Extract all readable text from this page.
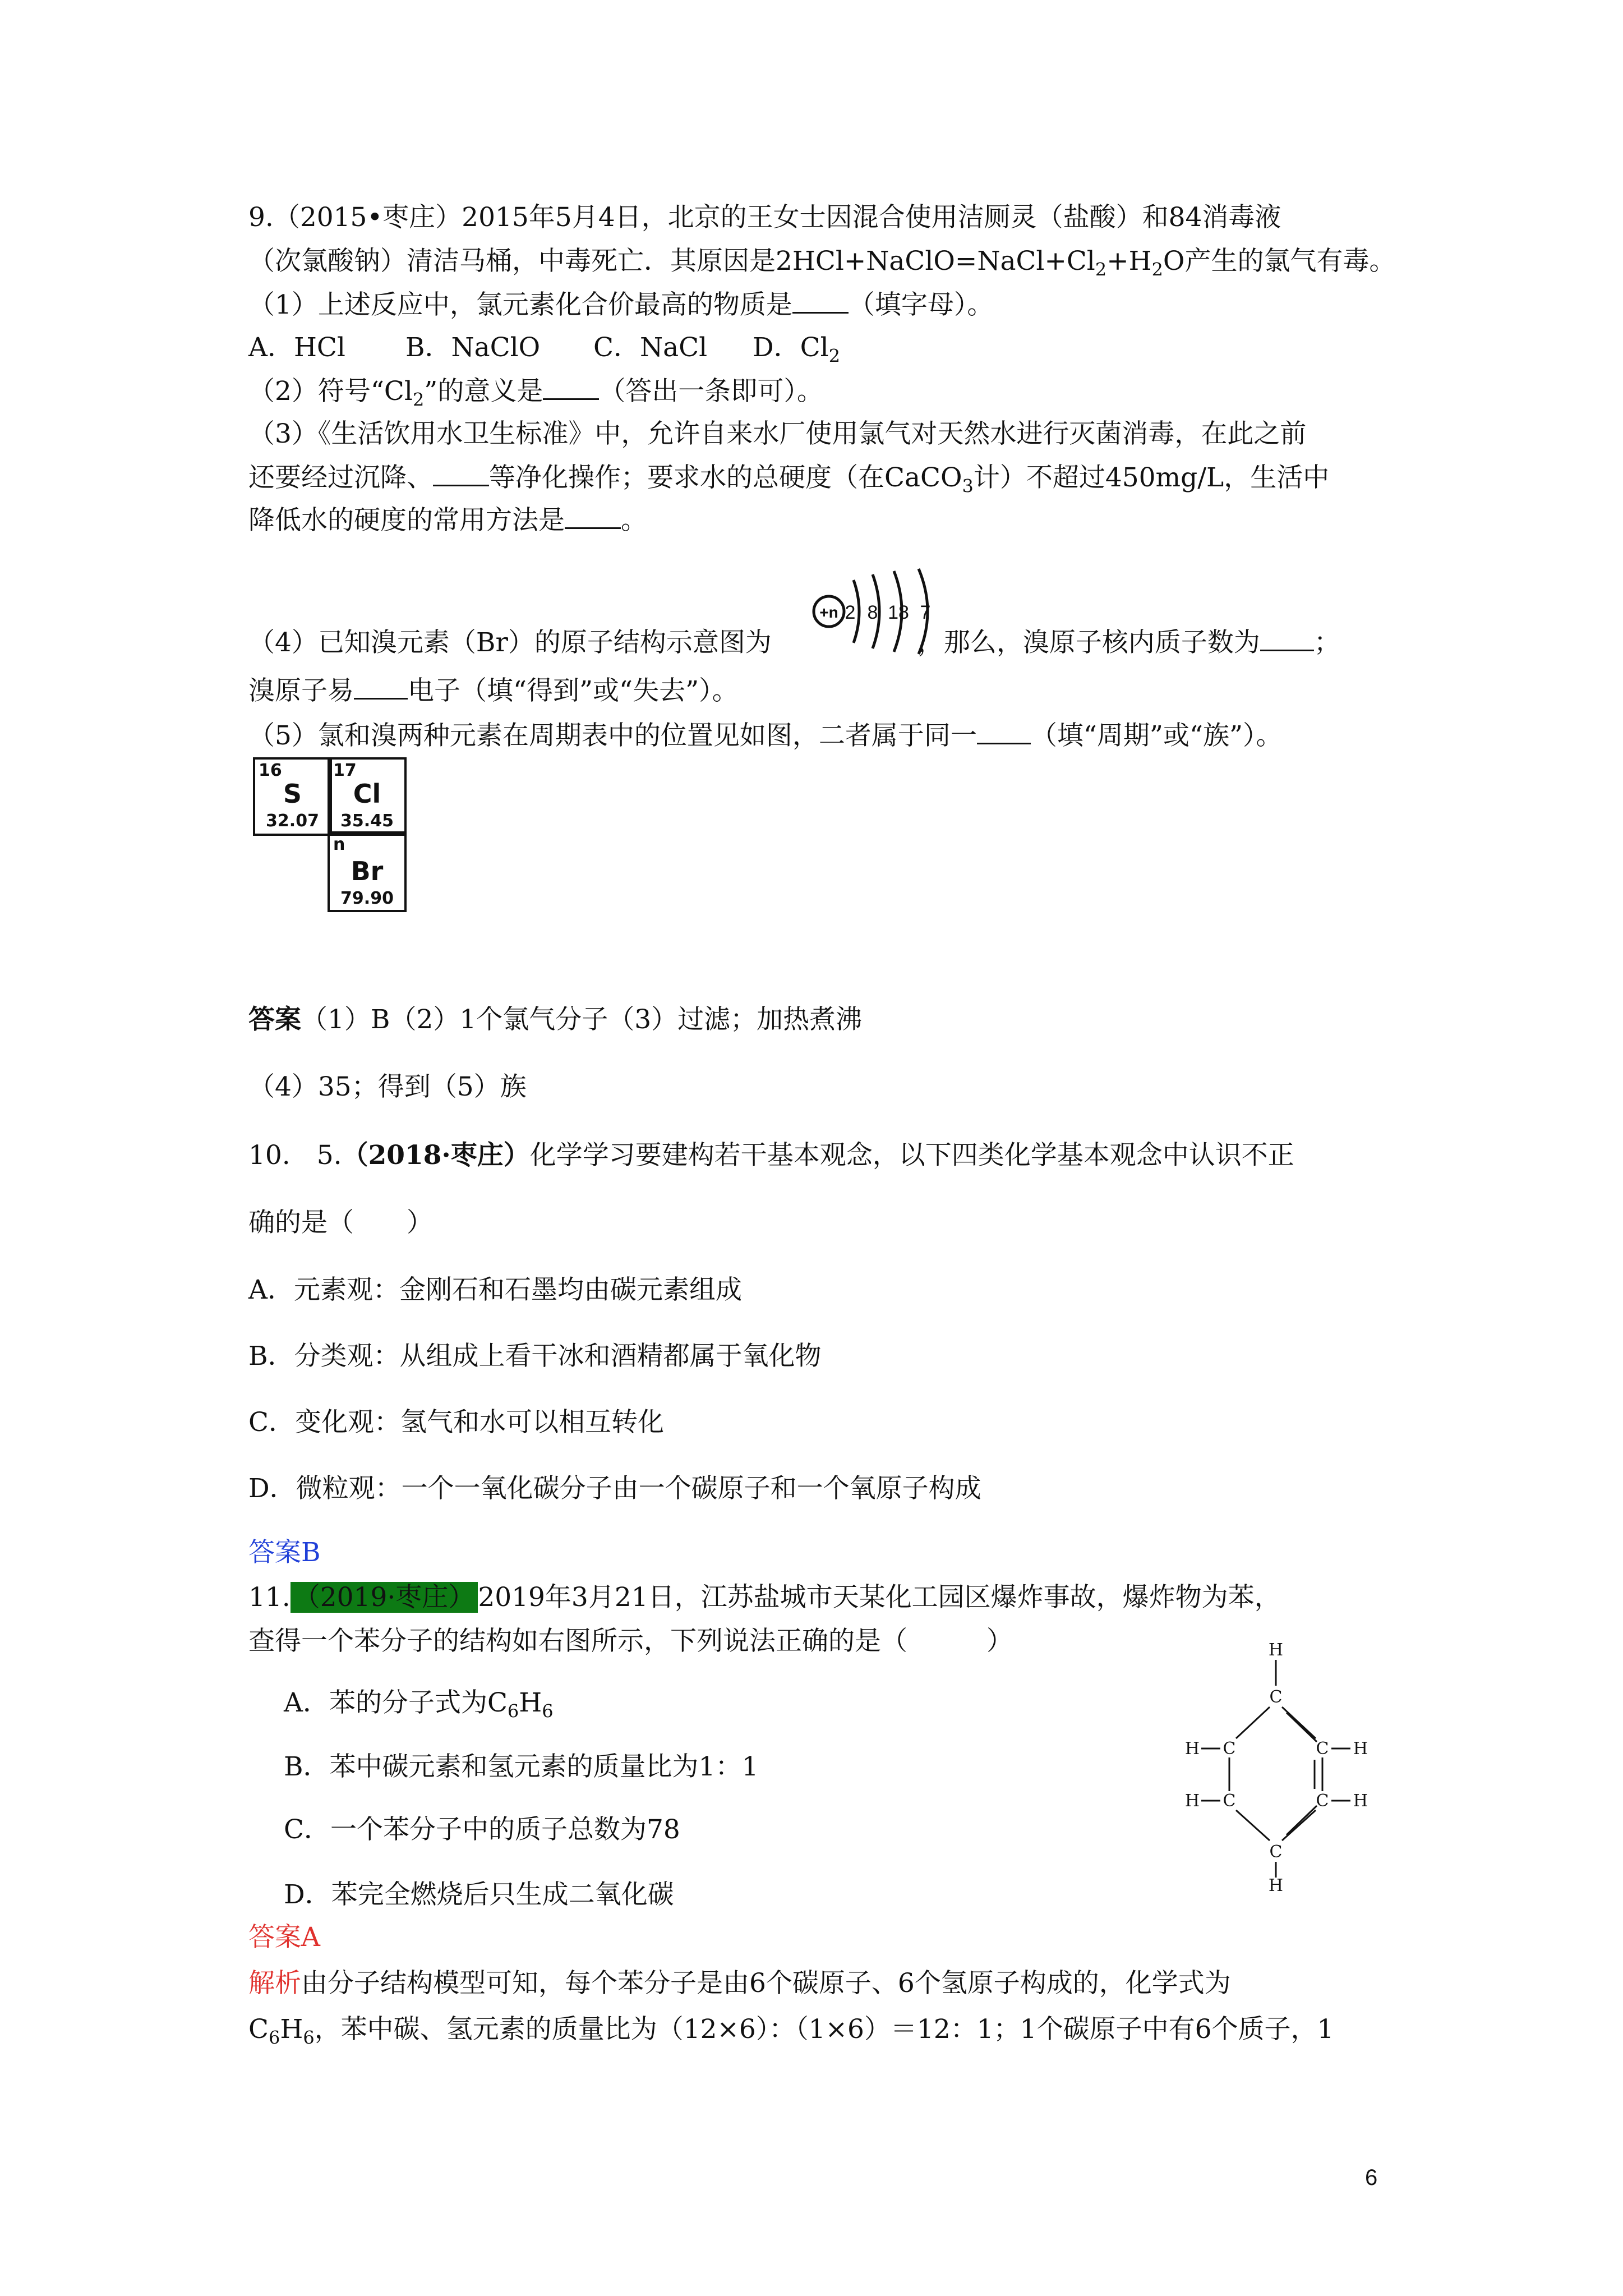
9.（2015•枣庄）2015年5月4日，北京的王女士因混合使用洁厕灵（盐酸）和84消毒液
（次氯酸钠）清洁马桶，中毒死亡．其原因是$2HCl+NaClO=NaCl+Cl_2+H_2O$产生的氯气有毒。
（1）上述反应中，氯元素化合价最高的物质是 （填字母）。
A．HCl B．NaClO C．NaCl D．$Cl_2$
（2）符号“$Cl_2$”的意义是 （答出一条即可）。
（3）《生活饮用水卫生标准》中，允许自来水厂使用氯气对天然水进行灭菌消毒，在此之前
还要经过沉降、 等净化操作；要求水的总硬度（在CaCO$_3$计）不超过450mg/L，生活中
降低水的硬度的常用方法是 。
+n 2 8 18 7
（4）已知溴元素（Br）的原子结构示意图为	，那么，溴原子核内质子数为 ；
溴原子易 电子（填“得到”或“失去”）。
（5）氯和溴两种元素在周期表中的位置见如图，二者属于同一 （填“周期”或“族”）。
16
S
32.07
17
Cl
35.45
n
Br
79.90
答案（1）B（2）1个氯气分子（3）过滤；加热煮沸
（4）35；得到（5）族
10.　5.（2018·枣庄）化学学习要建构若干基本观念，以下四类化学基本观念中认识不正
确的是（　　）
A．元素观：金刚石和石墨均由碳元素组成
B．分类观：从组成上看干冰和酒精都属于氧化物
C．变化观：氢气和水可以相互转化
D．微粒观：一个一氧化碳分子由一个碳原子和一个氧原子构成
答案B
11. （2019·枣庄） 2019年3月21日，江苏盐城市天某化工园区爆炸事故，爆炸物为苯，
查得一个苯分子的结构如右图所示，下列说法正确的是（　　　）
A．苯的分子式为$C_6H_6$
B．苯中碳元素和氢元素的质量比为1：1
C．一个苯分子中的质子总数为78
D．苯完全燃烧后只生成二氧化碳
H
C
C	C
C	C
C
H	H
H	H
H
答案A
解析由分子结构模型可知，每个苯分子是由6个碳原子、6个氢原子构成的，化学式为
$C_6H_6$，苯中碳、氢元素的质量比为（12×6）：（1×6）＝12：1；1个碳原子中有6个质子，1
6
